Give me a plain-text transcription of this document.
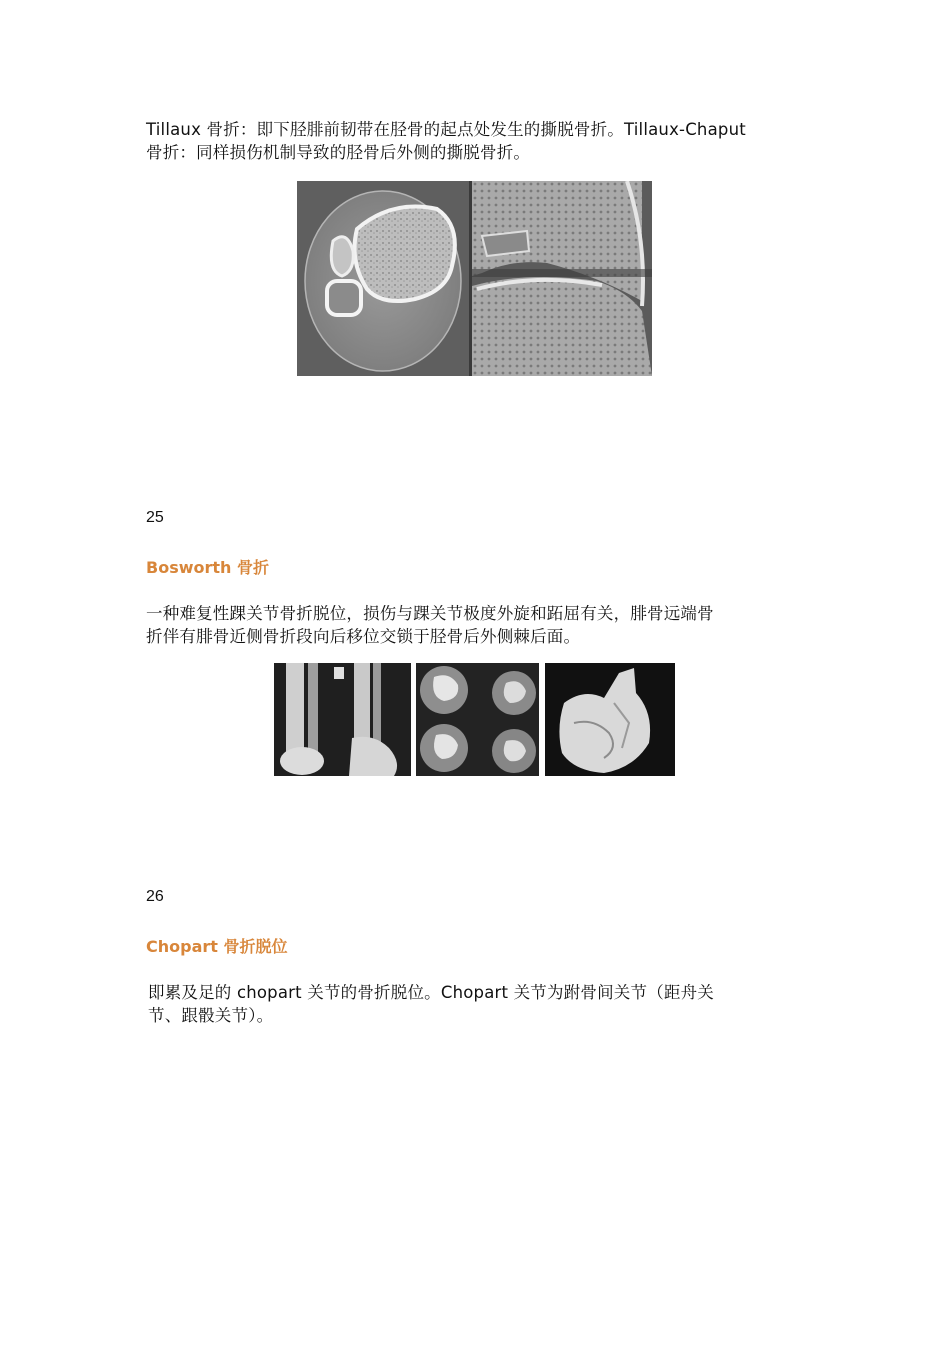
Tillaux 骨折：即下胫腓前韧带在胫骨的起点处发生的撕脱骨折。Tillaux-Chaput
骨折：同样损伤机制导致的胫骨后外侧的撕脱骨折。
25
Bosworth 骨折
一种难复性踝关节骨折脱位，损伤与踝关节极度外旋和跖屈有关，腓骨远端骨
折伴有腓骨近侧骨折段向后移位交锁于胫骨后外侧棘后面。
26
Chopart 骨折脱位
即累及足的 chopart 关节的骨折脱位。Chopart 关节为跗骨间关节（距舟关
节、跟骰关节）。
